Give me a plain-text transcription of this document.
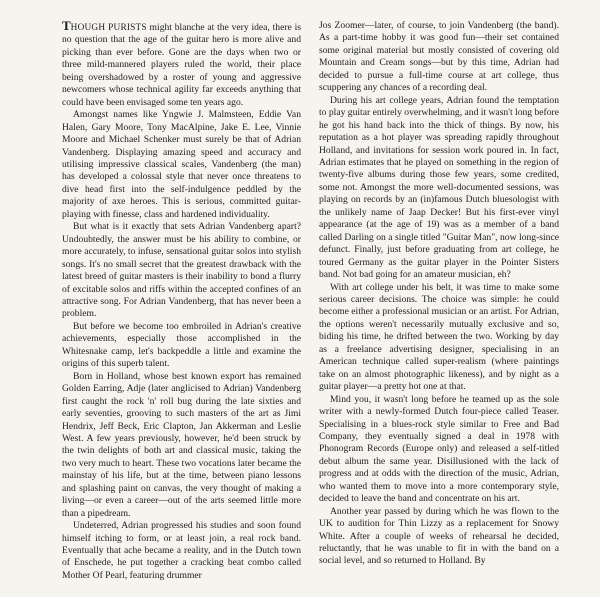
THOUGH PURISTS might blanche at the very idea, there is no question that the age of the guitar hero is more alive and picking than ever before. Gone are the days when two or three mild-mannered players ruled the world, their place being overshadowed by a roster of young and aggressive newcomers whose technical agility far exceeds anything that could have been envisaged some ten years ago.

Amongst names like Yngwie J. Malmsteen, Eddie Van Halen, Gary Moore, Tony MacAlpine, Jake E. Lee, Vinnie Moore and Michael Schenker must surely be that of Adrian Vandenberg. Displaying amazing speed and accuracy and utilising impressive classical scales, Vandenberg (the man) has developed a colossal style that never once threatens to dive head first into the self-indulgence peddled by the majority of axe heroes. This is serious, committed guitar-playing with finesse, class and hardened individuality.

But what is it exactly that sets Adrian Vandenberg apart? Undoubtedly, the answer must be his ability to combine, or more accurately, to infuse, sensational guitar solos into stylish songs. It's no small secret that the greatest drawback with the latest breed of guitar masters is their inability to bond a flurry of excitable solos and riffs within the accepted confines of an attractive song. For Adrian Vandenberg, that has never been a problem.

But before we become too embroiled in Adrian's creative achievements, especially those accomplished in the Whitesnake camp, let's backpeddle a little and examine the origins of this superb talent.

Born in Holland, whose best known export has remained Golden Earring, Adje (later anglicised to Adrian) Vandenberg first caught the rock 'n' roll bug during the late sixties and early seventies, grooving to such masters of the art as Jimi Hendrix, Jeff Beck, Eric Clapton, Jan Akkerman and Leslie West. A few years previously, however, he'd been struck by the twin delights of both art and classical music, taking the two very much to heart. These two vocations later became the mainstay of his life, but at the time, between piano lessons and splashing paint on canvas, the very thought of making a living—or even a career—out of the arts seemed little more than a pipedream.

Undeterred, Adrian progressed his studies and soon found himself itching to form, or at least join, a real rock band. Eventually that ache became a reality, and in the Dutch town of Enschede, he put together a cracking beat combo called Mother Of Pearl, featuring drummer

Jos Zoomer—later, of course, to join Vandenberg (the band). As a part-time hobby it was good fun—their set contained some original material but mostly consisted of covering old Mountain and Cream songs—but by this time, Adrian had decided to pursue a full-time course at art college, thus scuppering any chances of a recording deal.

During his art college years, Adrian found the temptation to play guitar entirely overwhelming, and it wasn't long before he got his hand back into the thick of things. By now, his reputation as a hot player was spreading rapidly throughout Holland, and invitations for session work poured in. In fact, Adrian estimates that he played on something in the region of twenty-five albums during those few years, some credited, some not. Amongst the more well-documented sessions, was playing on records by an (in)famous Dutch bluesologist with the unlikely name of Jaap Decker! But his first-ever vinyl appearance (at the age of 19) was as a member of a band called Darling on a single titled "Guitar Man", now long-since defunct. Finally, just before graduating from art college, he toured Germany as the guitar player in the Pointer Sisters band. Not bad going for an amateur musician, eh?

With art college under his belt, it was time to make some serious career decisions. The choice was simple: he could become either a professional musician or an artist. For Adrian, the options weren't necessarily mutually exclusive and so, biding his time, he drifted between the two. Working by day as a freelance advertising designer, specialising in an American technique called super-realism (where paintings take on an almost photographic likeness), and by night as a guitar player—a pretty hot one at that.

Mind you, it wasn't long before he teamed up as the sole writer with a newly-formed Dutch four-piece called Teaser. Specialising in a blues-rock style similar to Free and Bad Company, they eventually signed a deal in 1978 with Phonogram Records (Europe only) and released a self-titled debut album the same year. Disillusioned with the lack of progress and at odds with the direction of the music, Adrian, who wanted them to move into a more contemporary style, decided to leave the band and concentrate on his art.

Another year passed by during which he was flown to the UK to audition for Thin Lizzy as a replacement for Snowy White. After a couple of weeks of rehearsal he decided, reluctantly, that he was unable to fit in with the band on a social level, and so returned to Holland. By
